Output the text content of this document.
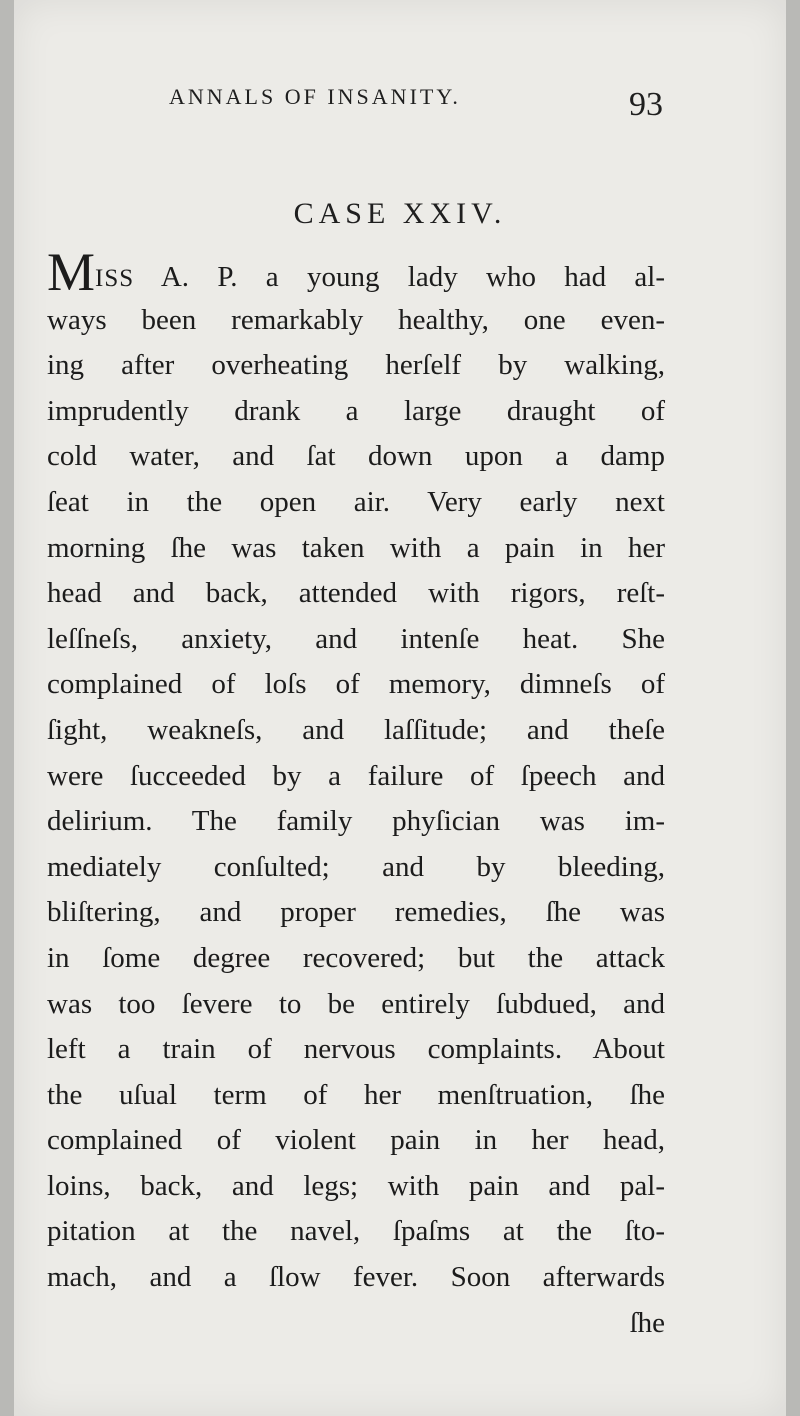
ANNALS OF INSANITY.	93
CASE XXIV.
MISS A. P. a young lady who had al-
ways been remarkably healthy, one even-
ing after overheating herſelf by walking,
imprudently drank a large draught of
cold water, and ſat down upon a damp
ſeat in the open air. Very early next
morning ſhe was taken with a pain in her
head and back, attended with rigors, reſt-
leſſneſs, anxiety, and intenſe heat. She
complained of loſs of memory, dimneſs of
ſight, weakneſs, and laſſitude; and theſe
were ſucceeded by a failure of ſpeech and
delirium. The family phyſician was im-
mediately conſulted; and by bleeding,
bliſtering, and proper remedies, ſhe was
in ſome degree recovered; but the attack
was too ſevere to be entirely ſubdued, and
left a train of nervous complaints. About
the uſual term of her menſtruation, ſhe
complained of violent pain in her head,
loins, back, and legs; with pain and pal-
pitation at the navel, ſpaſms at the ſto-
mach, and a ſlow fever. Soon afterwards
ſhe
